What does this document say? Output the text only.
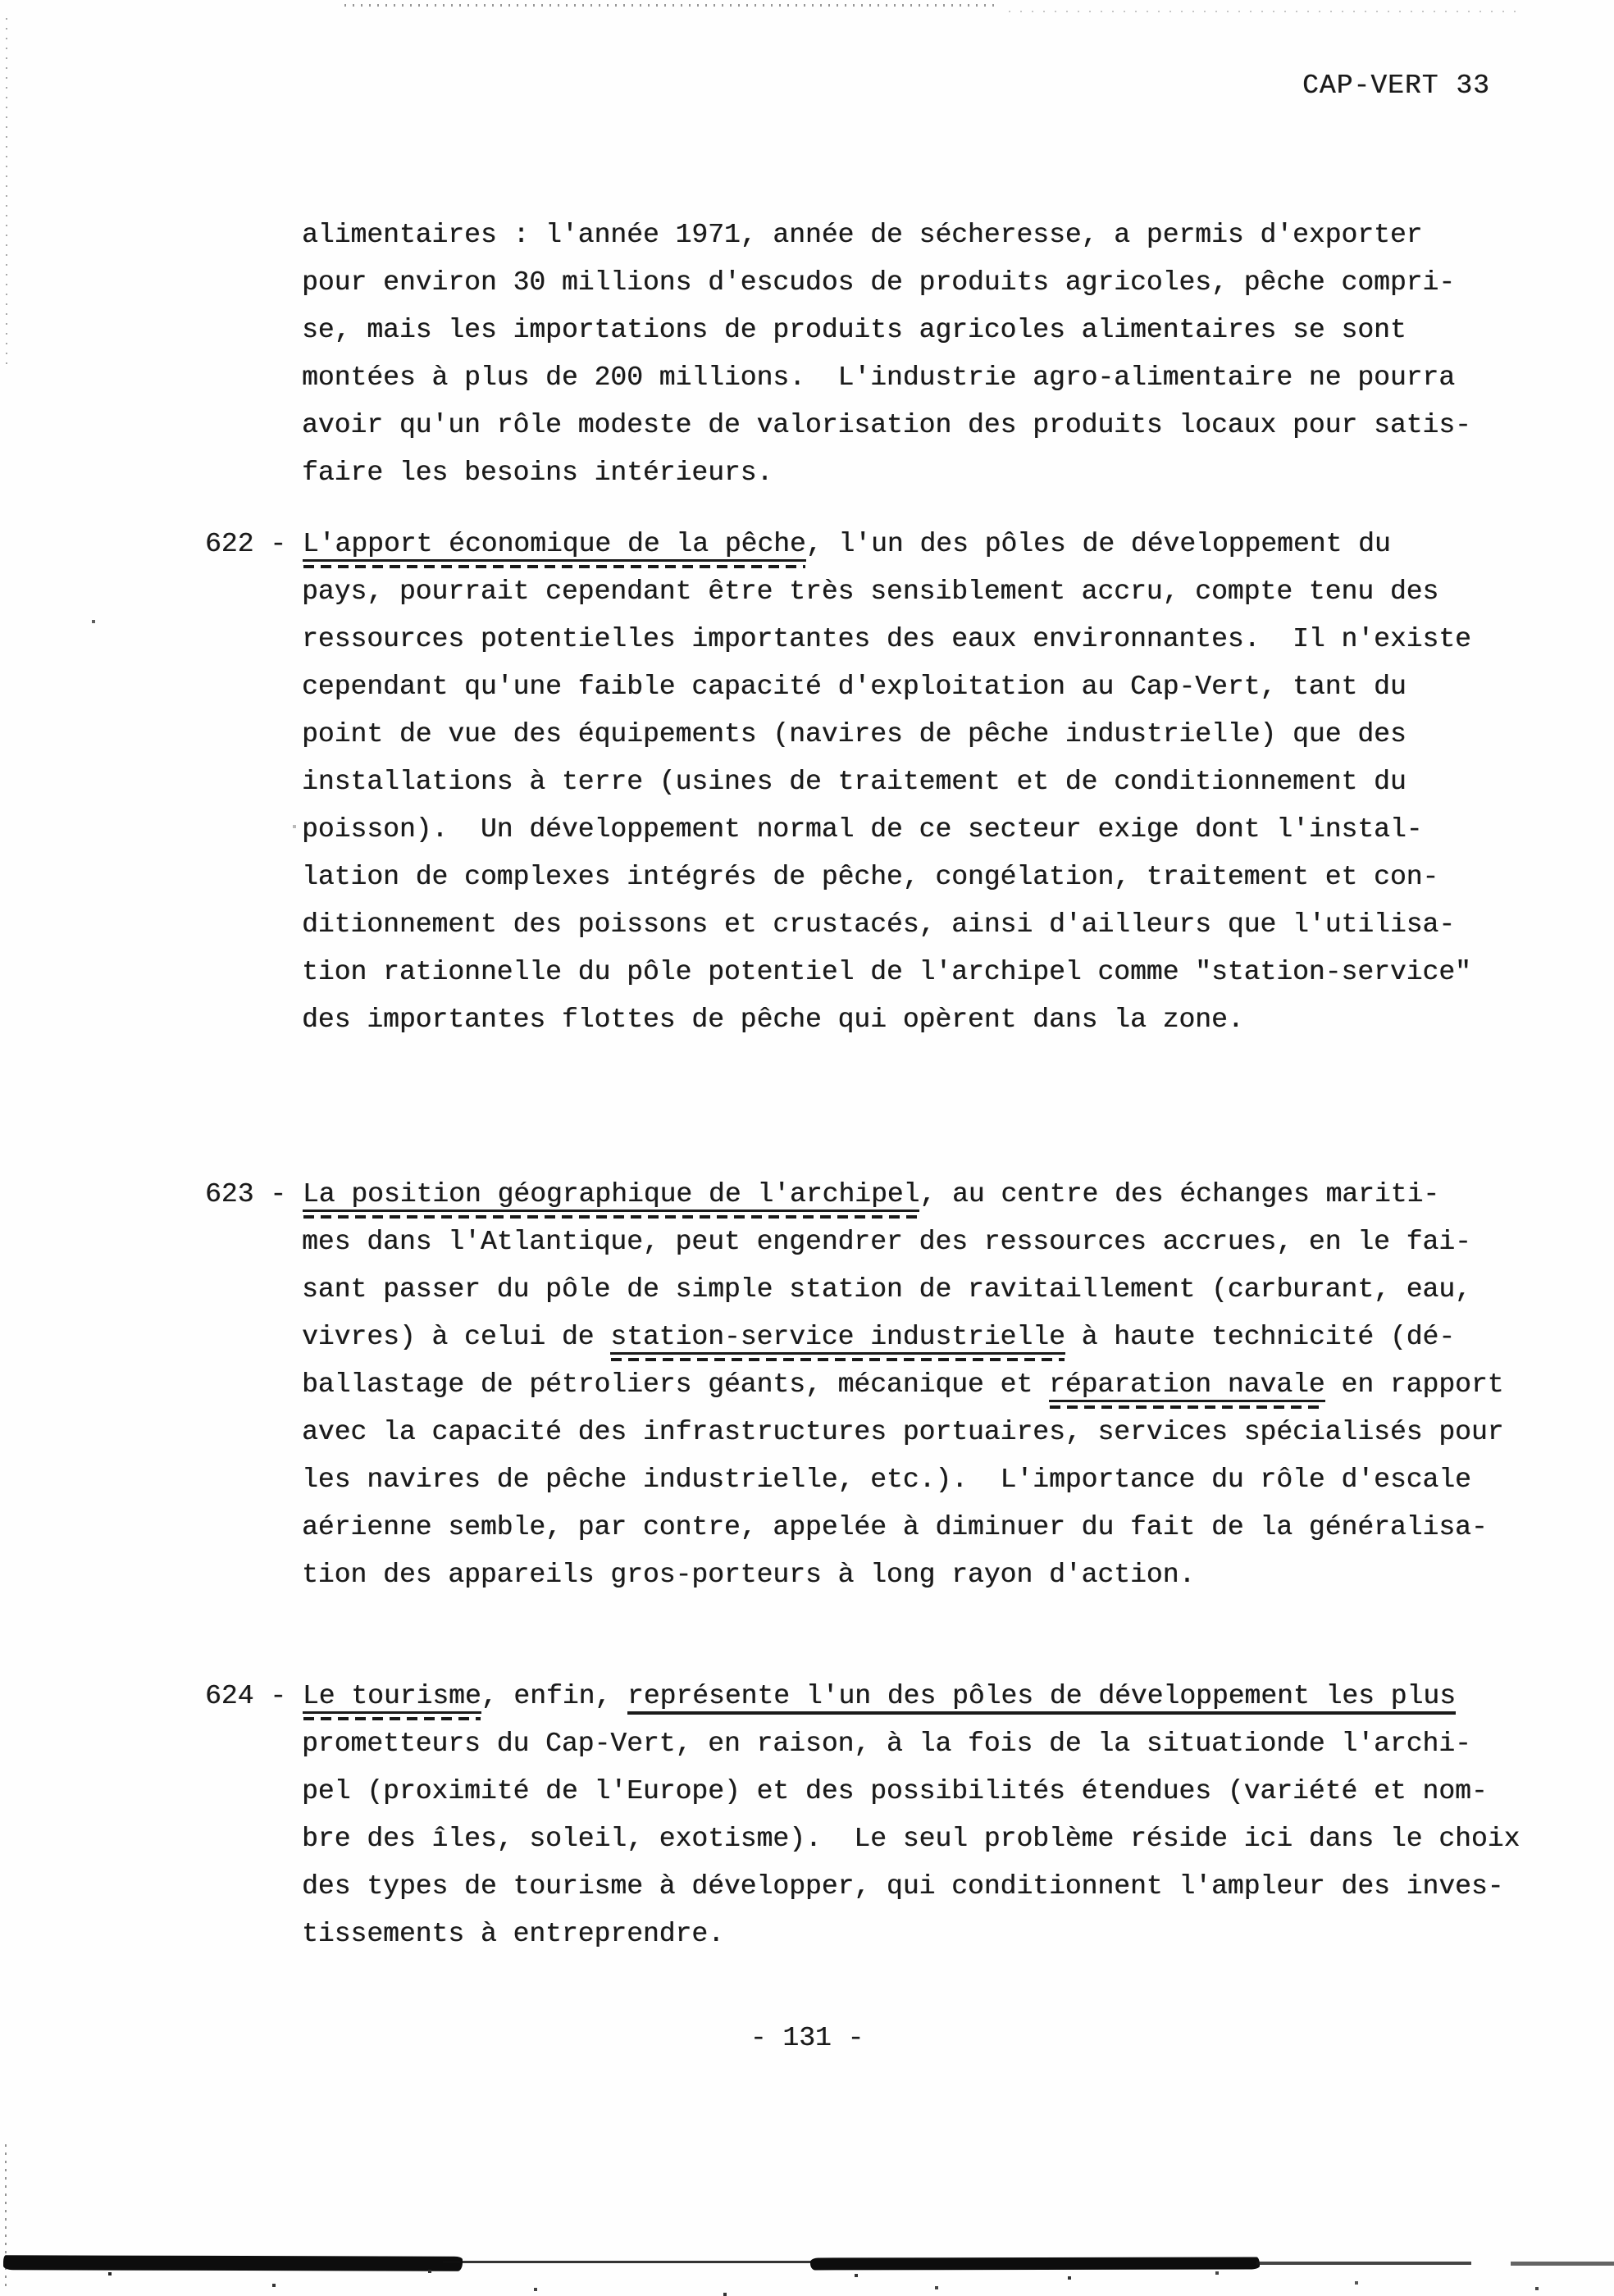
CAP-VERT 33
alimentaires : l'année 1971, année de sécheresse, a permis d'exporter
pour environ 30 millions d'escudos de produits agricoles, pêche compri-
se, mais les importations de produits agricoles alimentaires se sont
montées à plus de 200 millions.  L'industrie agro-alimentaire ne pourra
avoir qu'un rôle modeste de valorisation des produits locaux pour satis-
faire les besoins intérieurs.
622 - L'apport économique de la pêche, l'un des pôles de développement du
pays, pourrait cependant être très sensiblement accru, compte tenu des
ressources potentielles importantes des eaux environnantes.  Il n'existe
cependant qu'une faible capacité d'exploitation au Cap-Vert, tant du
point de vue des équipements (navires de pêche industrielle) que des
installations à terre (usines de traitement et de conditionnement du
poisson).  Un développement normal de ce secteur exige dont l'instal-
lation de complexes intégrés de pêche, congélation, traitement et con-
ditionnement des poissons et crustacés, ainsi d'ailleurs que l'utilisa-
tion rationnelle du pôle potentiel de l'archipel comme "station-service"
des importantes flottes de pêche qui opèrent dans la zone.
623 - La position géographique de l'archipel, au centre des échanges mariti-
mes dans l'Atlantique, peut engendrer des ressources accrues, en le fai-
sant passer du pôle de simple station de ravitaillement (carburant, eau,
vivres) à celui de station-service industrielle à haute technicité (dé-
ballastage de pétroliers géants, mécanique et réparation navale en rapport
avec la capacité des infrastructures portuaires, services spécialisés pour
les navires de pêche industrielle, etc.).  L'importance du rôle d'escale
aérienne semble, par contre, appelée à diminuer du fait de la généralisa-
tion des appareils gros-porteurs à long rayon d'action.
624 - Le tourisme, enfin, représente l'un des pôles de développement les plus
prometteurs du Cap-Vert, en raison, à la fois de la situationde l'archi-
pel (proximité de l'Europe) et des possibilités étendues (variété et nom-
bre des îles, soleil, exotisme).  Le seul problème réside ici dans le choix
des types de tourisme à développer, qui conditionnent l'ampleur des inves-
tissements à entreprendre.
- 131 -
